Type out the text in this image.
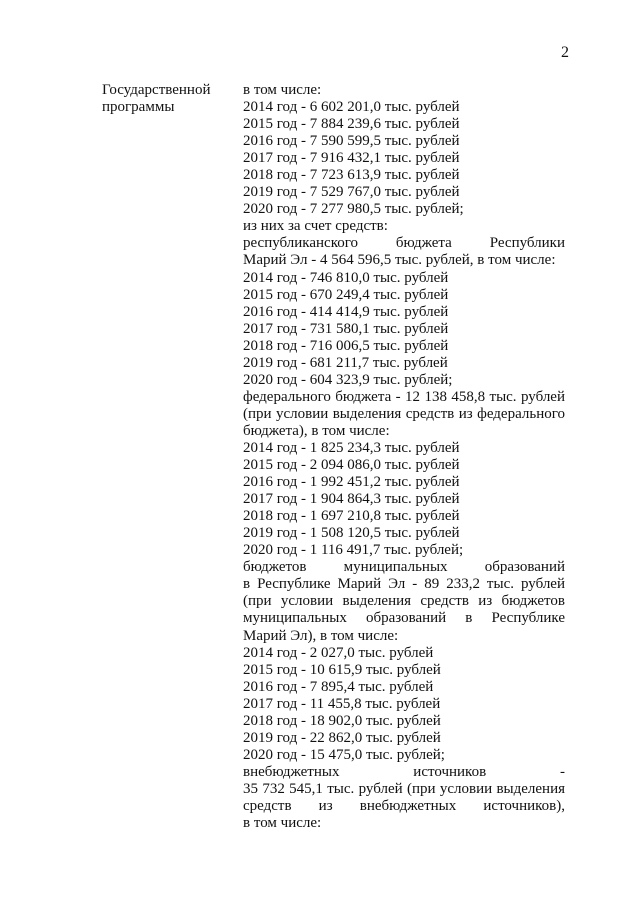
2
Государственной
программы
в том числе:
2014 год - 6 602 201,0 тыс. рублей
2015 год - 7 884 239,6 тыс. рублей
2016 год - 7 590 599,5 тыс. рублей
2017 год - 7 916 432,1 тыс. рублей
2018 год - 7 723 613,9 тыс. рублей
2019 год - 7 529 767,0 тыс. рублей
2020 год - 7 277 980,5 тыс. рублей;
из них за счет средств:
республиканского бюджета Республики
Марий Эл - 4 564 596,5 тыс. рублей, в том числе:
2014 год - 746 810,0 тыс. рублей
2015 год - 670 249,4 тыс. рублей
2016 год - 414 414,9 тыс. рублей
2017 год - 731 580,1 тыс. рублей
2018 год - 716 006,5 тыс. рублей
2019 год - 681 211,7 тыс. рублей
2020 год - 604 323,9 тыс. рублей;
федерального бюджета - 12 138 458,8 тыс. рублей
(при условии выделения средств из федерального
бюджета), в том числе:
2014 год - 1 825 234,3 тыс. рублей
2015 год - 2 094 086,0 тыс. рублей
2016 год - 1 992 451,2 тыс. рублей
2017 год - 1 904 864,3 тыс. рублей
2018 год - 1 697 210,8 тыс. рублей
2019 год - 1 508 120,5 тыс. рублей
2020 год - 1 116 491,7 тыс. рублей;
бюджетов муниципальных образований
в Республике Марий Эл - 89 233,2 тыс. рублей
(при условии выделения средств из бюджетов
муниципальных образований в Республике
Марий Эл), в том числе:
2014 год - 2 027,0 тыс. рублей
2015 год - 10 615,9 тыс. рублей
2016 год - 7 895,4 тыс. рублей
2017 год - 11 455,8 тыс. рублей
2018 год - 18 902,0 тыс. рублей
2019 год - 22 862,0 тыс. рублей
2020 год - 15 475,0 тыс. рублей;
внебюджетных источников -
35 732 545,1 тыс. рублей (при условии выделения
средств из внебюджетных источников),
в том числе:
